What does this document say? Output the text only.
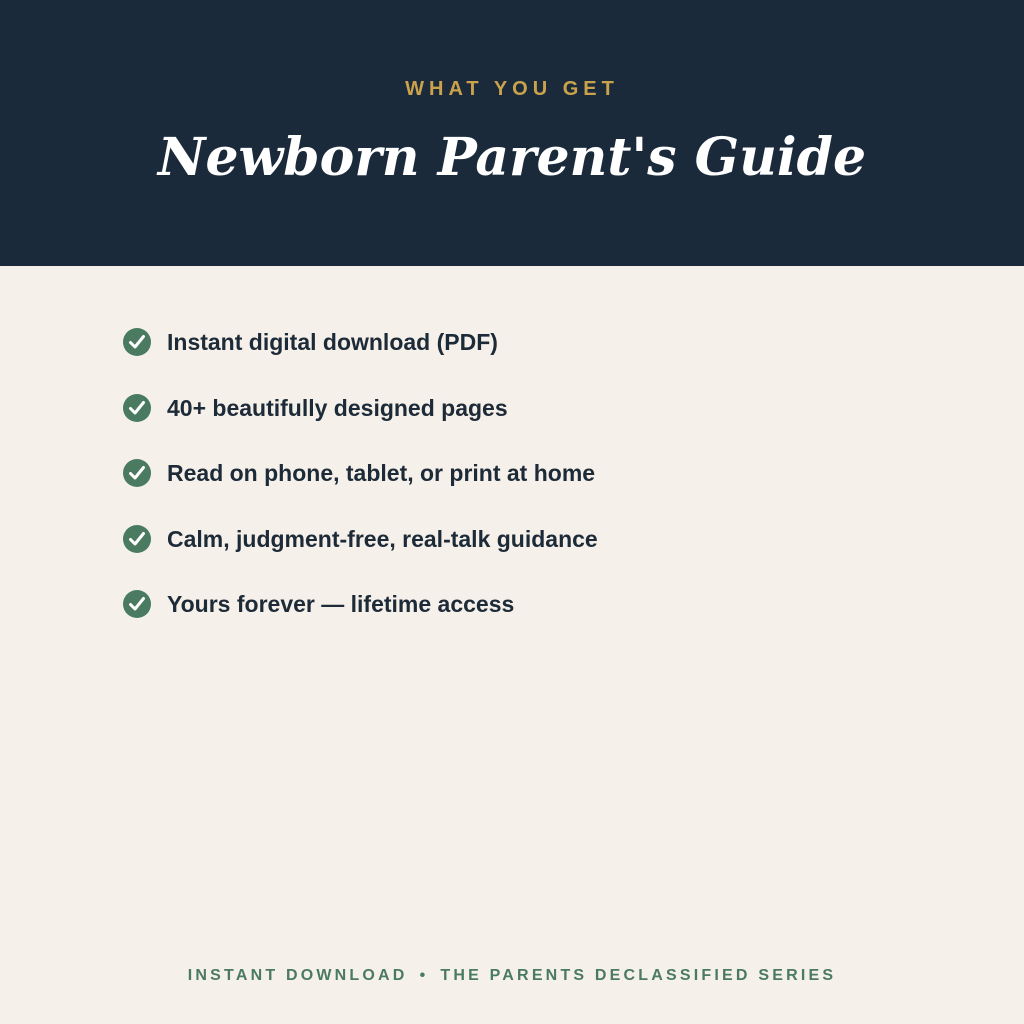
WHAT YOU GET
Newborn Parent's Guide
Instant digital download (PDF)
40+ beautifully designed pages
Read on phone, tablet, or print at home
Calm, judgment-free, real-talk guidance
Yours forever — lifetime access
INSTANT DOWNLOAD • THE PARENTS DECLASSIFIED SERIES
